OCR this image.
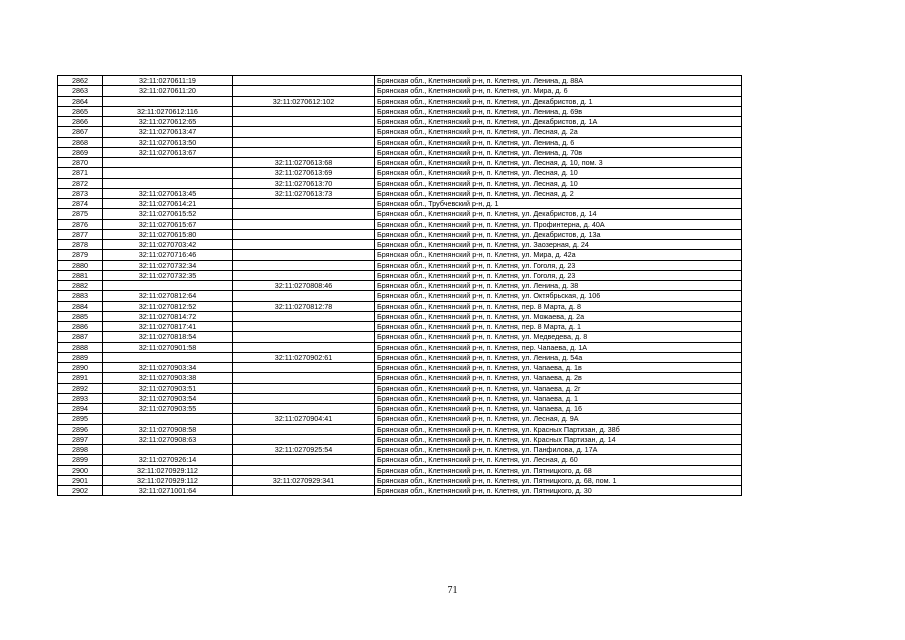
2862	32:11:0270611:19		Брянская обл., Клетнянский р-н, п. Клетня, ул. Ленина, д. 88А
2863	32:11:0270611:20		Брянская обл., Клетнянский р-н, п. Клетня, ул. Мира, д. 6
2864		32:11:0270612:102	Брянская обл., Клетнянский р-н, п. Клетня, ул. Декабристов, д. 1
2865	32:11:0270612:116		Брянская обл., Клетнянский р-н, п. Клетня, ул. Ленина, д. 69в
2866	32:11:0270612:65		Брянская обл., Клетнянский р-н, п. Клетня, ул. Декабристов, д. 1А
2867	32:11:0270613:47		Брянская обл., Клетнянский р-н, п. Клетня, ул. Лесная, д. 2а
2868	32:11:0270613:50		Брянская обл., Клетнянский р-н, п. Клетня, ул. Ленина, д. 6
2869	32:11:0270613:67		Брянская обл., Клетнянский р-н, п. Клетня, ул. Ленина, д. 70в
2870		32:11:0270613:68	Брянская обл., Клетнянский р-н, п. Клетня, ул. Лесная, д. 10, пом. 3
2871		32:11:0270613:69	Брянская обл., Клетнянский р-н, п. Клетня, ул. Лесная, д. 10
2872		32:11:0270613:70	Брянская обл., Клетнянский р-н, п. Клетня, ул. Лесная, д. 10
2873	32:11:0270613:45	32:11:0270613:73	Брянская обл., Клетнянский р-н, п. Клетня, ул. Лесная, д. 2
2874	32:11:0270614:21		Брянская обл., Трубчевский р-н, д. 1
2875	32:11:0270615:52		Брянская обл., Клетнянский р-н, п. Клетня, ул. Декабристов, д. 14
2876	32:11:0270615:67		Брянская обл., Клетнянский р-н, п. Клетня, ул. Профинтерна, д. 40А
2877	32:11:0270615:80		Брянская обл., Клетнянский р-н, п. Клетня, ул. Декабристов, д. 13а
2878	32:11:0270703:42		Брянская обл., Клетнянский р-н, п. Клетня, ул. Заозерная, д. 24
2879	32:11:0270716:46		Брянская обл., Клетнянский р-н, п. Клетня, ул. Мира, д. 42а
2880	32:11:0270732:34		Брянская обл., Клетнянский р-н, п. Клетня, ул. Гоголя, д. 23
2881	32:11:0270732:35		Брянская обл., Клетнянский р-н, п. Клетня, ул. Гоголя, д. 23
2882		32:11:0270808:46	Брянская обл., Клетнянский р-н, п. Клетня, ул. Ленина, д. 38
2883	32:11:0270812:64		Брянская обл., Клетнянский р-н, п. Клетня, ул. Октябрьская, д. 106
2884	32:11:0270812:52	32:11:0270812:78	Брянская обл., Клетнянский р-н, п. Клетня, пер. 8 Марта, д. 8
2885	32:11:0270814:72		Брянская обл., Клетнянский р-н, п. Клетня, ул. Можаева, д. 2а
2886	32:11:0270817:41		Брянская обл., Клетнянский р-н, п. Клетня, пер. 8 Марта, д. 1
2887	32:11:0270818:54		Брянская обл., Клетнянский р-н, п. Клетня, ул. Медведева, д. 8
2888	32:11:0270901:58		Брянская обл., Клетнянский р-н, п. Клетня, пер. Чапаева, д. 1А
2889		32:11:0270902:61	Брянская обл., Клетнянский р-н, п. Клетня, ул. Ленина, д. 54а
2890	32:11:0270903:34		Брянская обл., Клетнянский р-н, п. Клетня, ул. Чапаева, д. 1в
2891	32:11:0270903:38		Брянская обл., Клетнянский р-н, п. Клетня, ул. Чапаева, д. 2в
2892	32:11:0270903:51		Брянская обл., Клетнянский р-н, п. Клетня, ул. Чапаева, д. 2г
2893	32:11:0270903:54		Брянская обл., Клетнянский р-н, п. Клетня, ул. Чапаева, д. 1
2894	32:11:0270903:55		Брянская обл., Клетнянский р-н, п. Клетня, ул. Чапаева, д. 16
2895		32:11:0270904:41	Брянская обл., Клетнянский р-н, п. Клетня, ул. Лесная, д. 9А
2896	32:11:0270908:58		Брянская обл., Клетнянский р-н, п. Клетня, ул. Красных Партизан, д. 38б
2897	32:11:0270908:63		Брянская обл., Клетнянский р-н, п. Клетня, ул. Красных Партизан, д. 14
2898		32:11:0270925:54	Брянская обл., Клетнянский р-н, п. Клетня, ул. Панфилова, д. 17А
2899	32:11:0270926:14		Брянская обл., Клетнянский р-н, п. Клетня, ул. Лесная, д. 60
2900	32:11:0270929:112		Брянская обл., Клетнянский р-н, п. Клетня, ул. Пятницкого, д. 68
2901	32:11:0270929:112	32:11:0270929:341	Брянская обл., Клетнянский р-н, п. Клетня, ул. Пятницкого, д. 68, пом. 1
2902	32:11:0271001:64		Брянская обл., Клетнянский р-н, п. Клетня, ул. Пятницкого, д. 30
71
